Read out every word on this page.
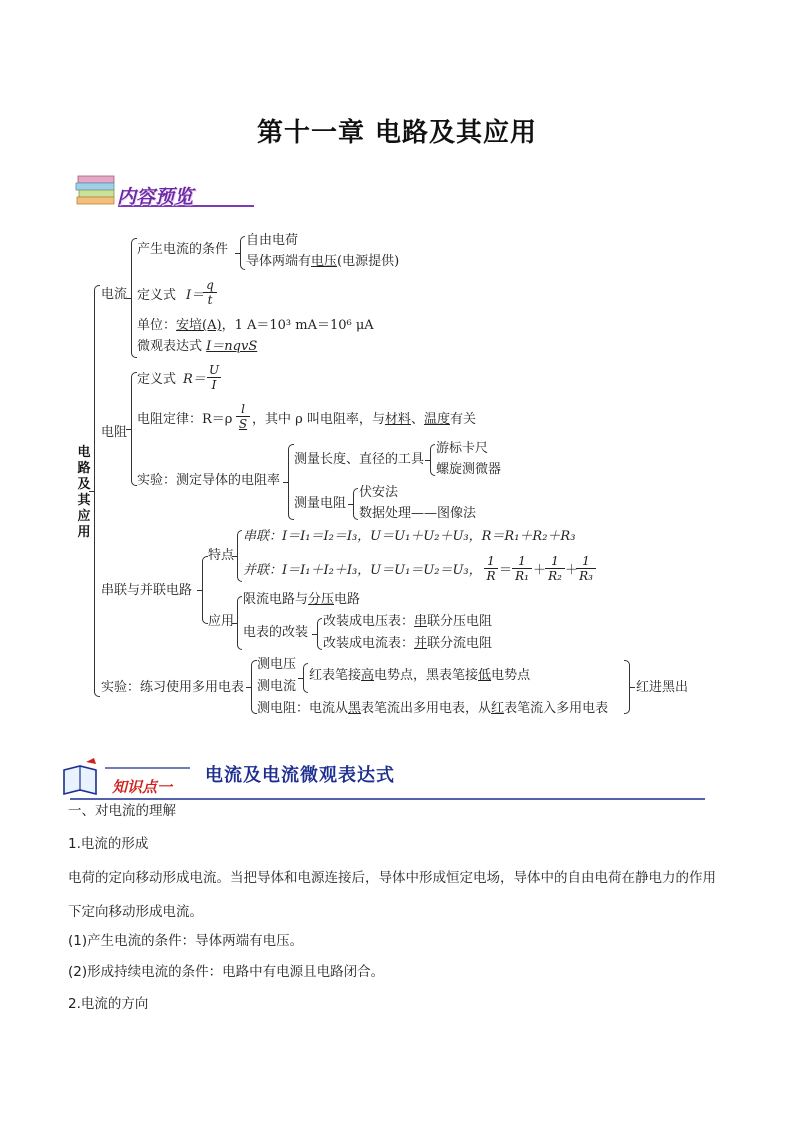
第十一章 电路及其应用
内容预览
电
路
及
其
应
用
电流
产生电流的条件
自由电荷
导体两端有电压(电源提供)
定义式 I＝
$\frac{q}{t}$
单位：安培(A)，1 A＝10³ mA＝10⁶ μA
微观表达式 I＝nqvS
电阻
定义式 $R= \frac{U}{I}$
电阻定律：$R=\rho \frac{l}{S}$ ，其中 ρ 叫电阻率，与材料、温度有关
实验：测定导体的电阻率
测量长度、直径的工具
游标卡尺
螺旋测微器
测量电阻
伏安法
数据处理——图像法
串联与并联电路
特点
串联：I＝I₁＝I₂＝I₃，U＝U₁＋U₂＋U₃，R＝R₁＋R₂＋R₃
并联：I＝I₁＋I₂＋I₃，U＝U₁＝U₂＝U₃， $\frac{1}{R} = \frac{1}{\text{R₁}}$ ＋
$\frac{1}{\text{R₂}}$ ＋
$\frac{1}{\text{R₃}}$
应用
限流电路与分压电路
电表的改装
改装成电压表：串联分压电阻
改装成电流表：并联分流电阻
实验：练习使用多用电表
测电压
测电流
红表笔接高电势点，黑表笔接低电势点
测电阻：电流从黑表笔流出多用电表，从红表笔流入多用电表
红进黑出
知识点一
电流及电流微观表达式
一、对电流的理解
1.电流的形成
电荷的定向移动形成电流。当把导体和电源连接后，导体中形成恒定电场，导体中的自由电荷在静电力的作用下定向移动形成电流。
(1)产生电流的条件：导体两端有电压。
(2)形成持续电流的条件：电路中有电源且电路闭合。
2.电流的方向
